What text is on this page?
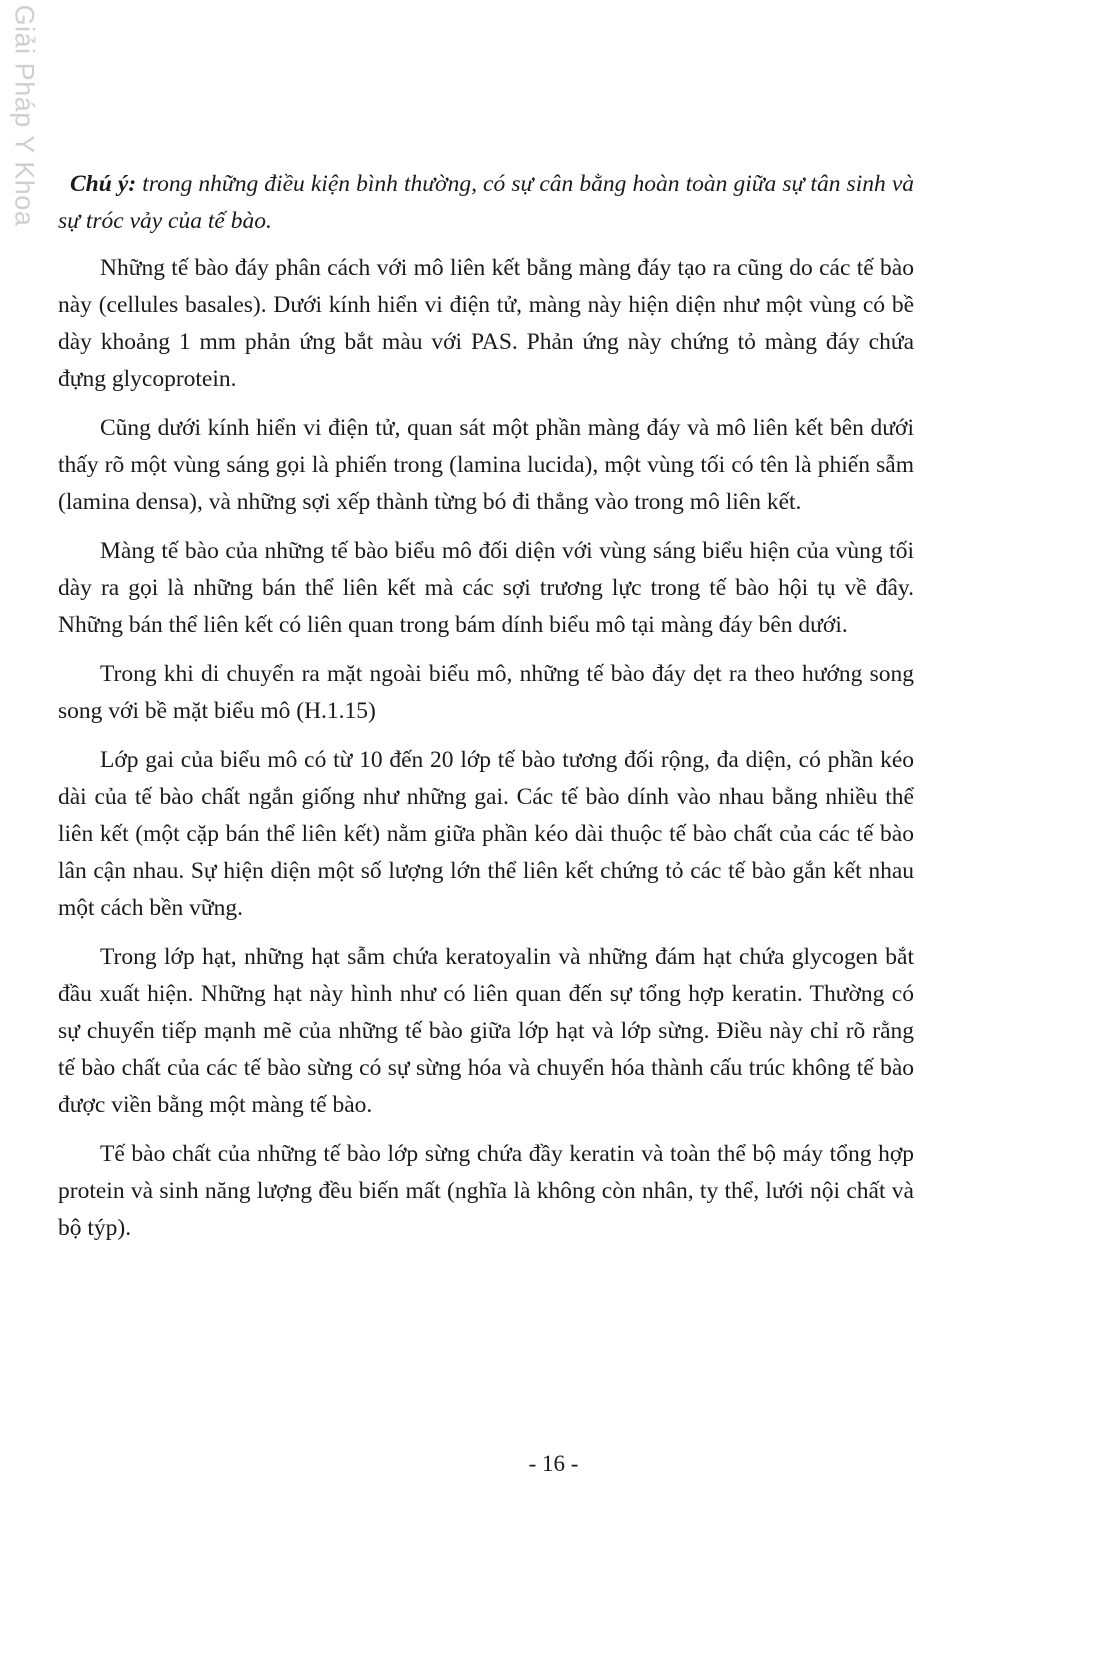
Giải Pháp Y Khoa	Chú ý: trong những điều kiện bình thường, có sự cân bằng hoàn toàn giữa sự tân sinh và sự tróc vảy của tế bào.

Những tế bào đáy phân cách với mô liên kết bằng màng đáy tạo ra cũng do các tế bào này (cellules basales). Dưới kính hiển vi điện tử, màng này hiện diện như một vùng có bề dày khoảng 1 mm phản ứng bắt màu với PAS. Phản ứng này chứng tỏ màng đáy chứa đựng glycoprotein.

Cũng dưới kính hiển vi điện tử, quan sát một phần màng đáy và mô liên kết bên dưới thấy rõ một vùng sáng gọi là phiến trong (lamina lucida), một vùng tối có tên là phiến sẫm (lamina densa), và những sợi xếp thành từng bó đi thẳng vào trong mô liên kết.

Màng tế bào của những tế bào biểu mô đối diện với vùng sáng biểu hiện của vùng tối dày ra gọi là những bán thể liên kết mà các sợi trương lực trong tế bào hội tụ về đây. Những bán thể liên kết có liên quan trong bám dính biểu mô tại màng đáy bên dưới.

Trong khi di chuyển ra mặt ngoài biểu mô, những tế bào đáy dẹt ra theo hướng song song với bề mặt biểu mô (H.1.15)

Lớp gai của biểu mô có từ 10 đến 20 lớp tế bào tương đối rộng, đa diện, có phần kéo dài của tế bào chất ngắn giống như những gai. Các tế bào dính vào nhau bằng nhiều thể liên kết (một cặp bán thể liên kết) nằm giữa phần kéo dài thuộc tế bào chất của các tế bào lân cận nhau. Sự hiện diện một số lượng lớn thể liên kết chứng tỏ các tế bào gắn kết nhau một cách bền vững.

Trong lớp hạt, những hạt sẫm chứa keratoyalin và những đám hạt chứa glycogen bắt đầu xuất hiện. Những hạt này hình như có liên quan đến sự tổng hợp keratin. Thường có sự chuyển tiếp mạnh mẽ của những tế bào giữa lớp hạt và lớp sừng. Điều này chỉ rõ rằng tế bào chất của các tế bào sừng có sự sừng hóa và chuyển hóa thành cấu trúc không tế bào được viền bằng một màng tế bào.

Tế bào chất của những tế bào lớp sừng chứa đầy keratin và toàn thể bộ máy tổng hợp protein và sinh năng lượng đều biến mất (nghĩa là không còn nhân, ty thể, lưới nội chất và bộ týp).

- 16 -
